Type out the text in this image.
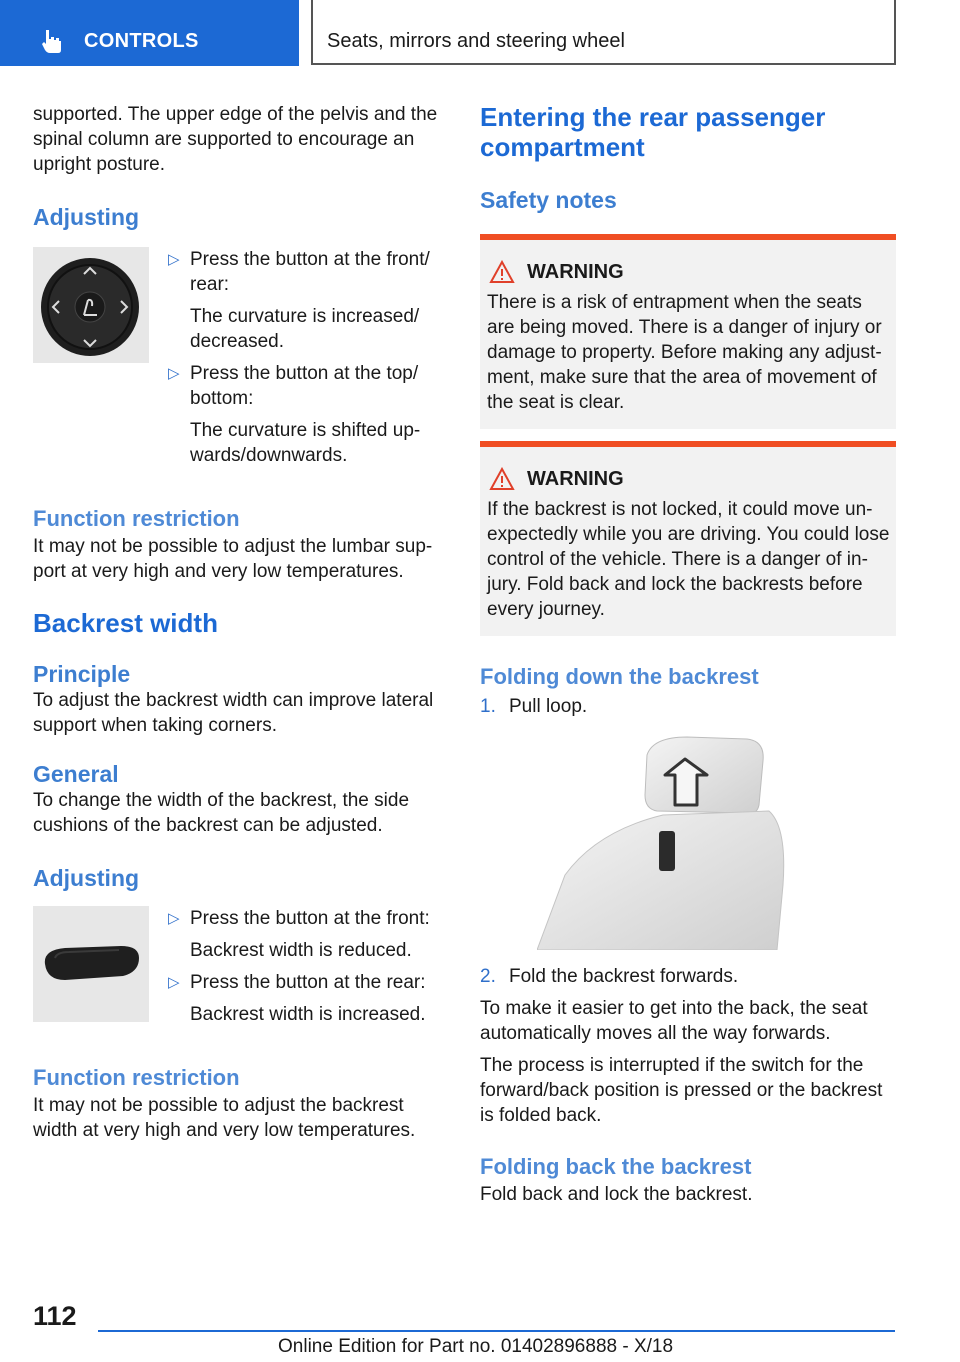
CONTROLS	Seats, mirrors and steering wheel
supported. The upper edge of the pelvis and the spinal column are supported to encourage an upright posture.
Adjusting
▷ Press the button at the front/ rear:
The curvature is increased/ decreased.
▷ Press the button at the top/ bottom:
The curvature is shifted up- wards/downwards.
Function restriction
It may not be possible to adjust the lumbar sup- port at very high and very low temperatures.
Backrest width
Principle
To adjust the backrest width can improve lateral support when taking corners.
General
To change the width of the backrest, the side cushions of the backrest can be adjusted.
Adjusting
▷ Press the button at the front:
Backrest width is reduced.
▷ Press the button at the rear:
Backrest width is increased.
Function restriction
It may not be possible to adjust the backrest width at very high and very low temperatures.
Entering the rear passenger compartment
Safety notes
WARNING
There is a risk of entrapment when the seats are being moved. There is a danger of injury or damage to property. Before making any adjust- ment, make sure that the area of movement of the seat is clear.
WARNING
If the backrest is not locked, it could move un- expectedly while you are driving. You could lose control of the vehicle. There is a danger of in- jury. Fold back and lock the backrests before every journey.
Folding down the backrest
1. Pull loop.
2. Fold the backrest forwards.
To make it easier to get into the back, the seat automatically moves all the way forwards.
The process is interrupted if the switch for the forward/back position is pressed or the backrest is folded back.
Folding back the backrest
Fold back and lock the backrest.
112
Online Edition for Part no. 01402896888 - X/18
